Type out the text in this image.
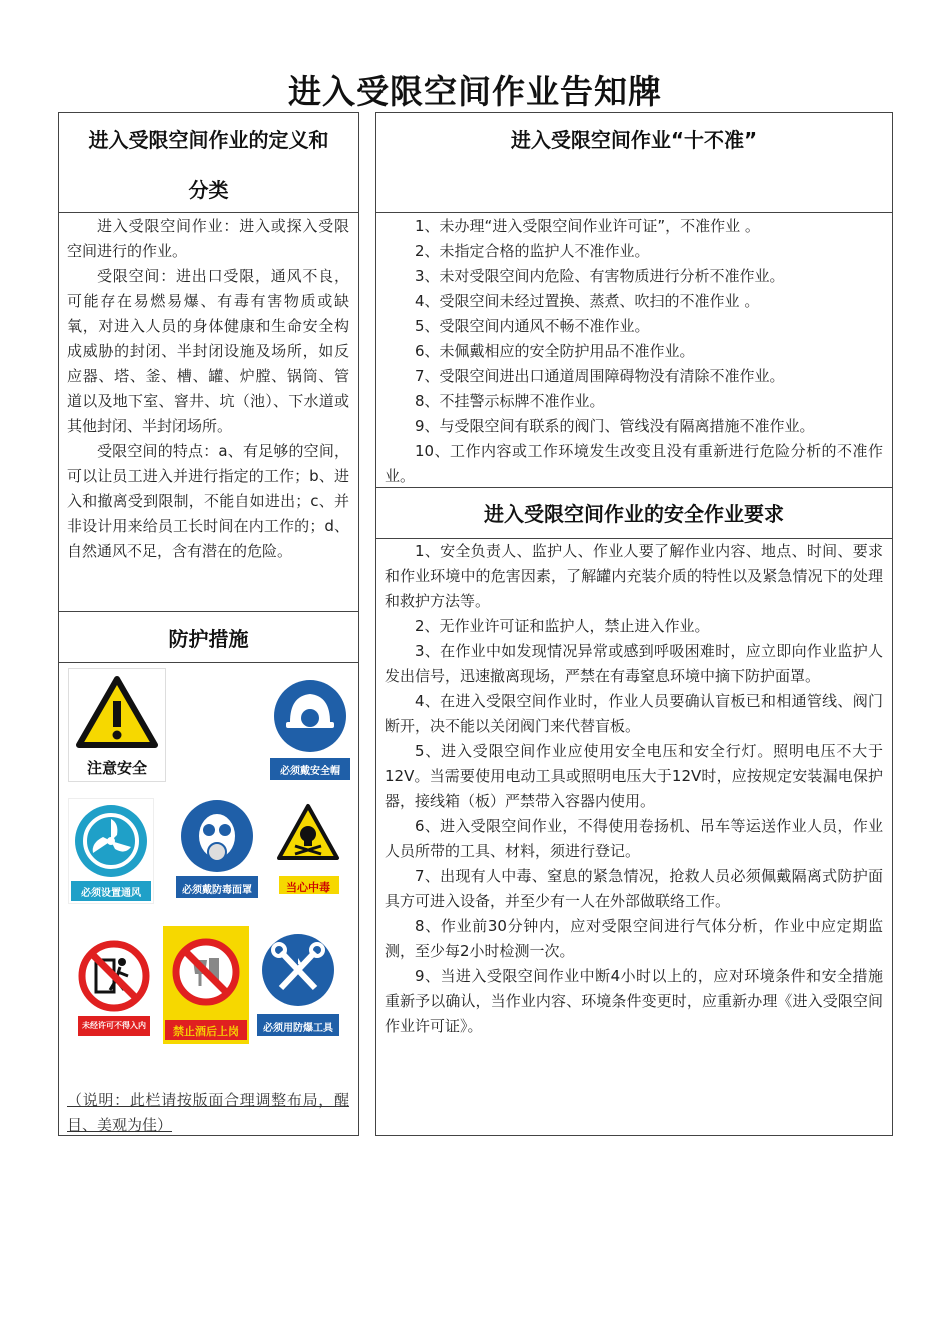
进入受限空间作业告知牌
进入受限空间作业的定义和
分类

进入受限空间作业：进入或探入受限空间进行的作业。

受限空间：进出口受限，通风不良，可能存在易燃易爆、有毒有害物质或缺氧，对进入人员的身体健康和生命安全构成威胁的封闭、半封闭设施及场所，如反应器、塔、釜、槽、罐、炉膛、锅筒、管道以及地下室、窨井、坑（池）、下水道或其他封闭、半封闭场所。

受限空间的特点：a、有足够的空间，可以让员工进入并进行指定的工作；b、进入和撤离受到限制，不能自如进出；c、并非设计用来给员工长时间在内工作的；d、自然通风不足，含有潜在的危险。

防护措施
注意安全	必须戴安全帽
必须设置通风	必须戴防毒面罩	当心中毒
未经许可不得入内	禁止酒后上岗	必须用防爆工具
（说明：此栏请按版面合理调整布局，醒目、美观为佳）
进入受限空间作业“十不准”

1、未办理“进入受限空间作业许可证”，不准作业 。

2、未指定合格的监护人不准作业。

3、未对受限空间内危险、有害物质进行分析不准作业。

4、受限空间未经过置换、蒸煮、吹扫的不准作业 。

5、受限空间内通风不畅不准作业。

6、未佩戴相应的安全防护用品不准作业。

7、受限空间进出口通道周围障碍物没有清除不准作业。

8、不挂警示标牌不准作业。

9、与受限空间有联系的阀门、管线没有隔离措施不准作业。

10、工作内容或工作环境发生改变且没有重新进行危险分析的不准作业。

进入受限空间作业的安全作业要求

1、安全负责人、监护人、作业人要了解作业内容、地点、时间、要求和作业环境中的危害因素，了解罐内充装介质的特性以及紧急情况下的处理和救护方法等。

2、无作业许可证和监护人，禁止进入作业。

3、在作业中如发现情况异常或感到呼吸困难时，应立即向作业监护人发出信号，迅速撤离现场，严禁在有毒窒息环境中摘下防护面罩。

4、在进入受限空间作业时，作业人员要确认盲板已和相通管线、阀门断开，决不能以关闭阀门来代替盲板。

5、进入受限空间作业应使用安全电压和安全行灯。照明电压不大于12V。当需要使用电动工具或照明电压大于12V时，应按规定安装漏电保护器，接线箱（板）严禁带入容器内使用。

6、进入受限空间作业，不得使用卷扬机、吊车等运送作业人员，作业人员所带的工具、材料，须进行登记。

7、出现有人中毒、窒息的紧急情况，抢救人员必须佩戴隔离式防护面具方可进入设备，并至少有一人在外部做联络工作。

8、作业前30分钟内，应对受限空间进行气体分析，作业中应定期监测，至少每2小时检测一次。

9、当进入受限空间作业中断4小时以上的，应对环境条件和安全措施重新予以确认，当作业内容、环境条件变更时，应重新办理《进入受限空间作业许可证》。
